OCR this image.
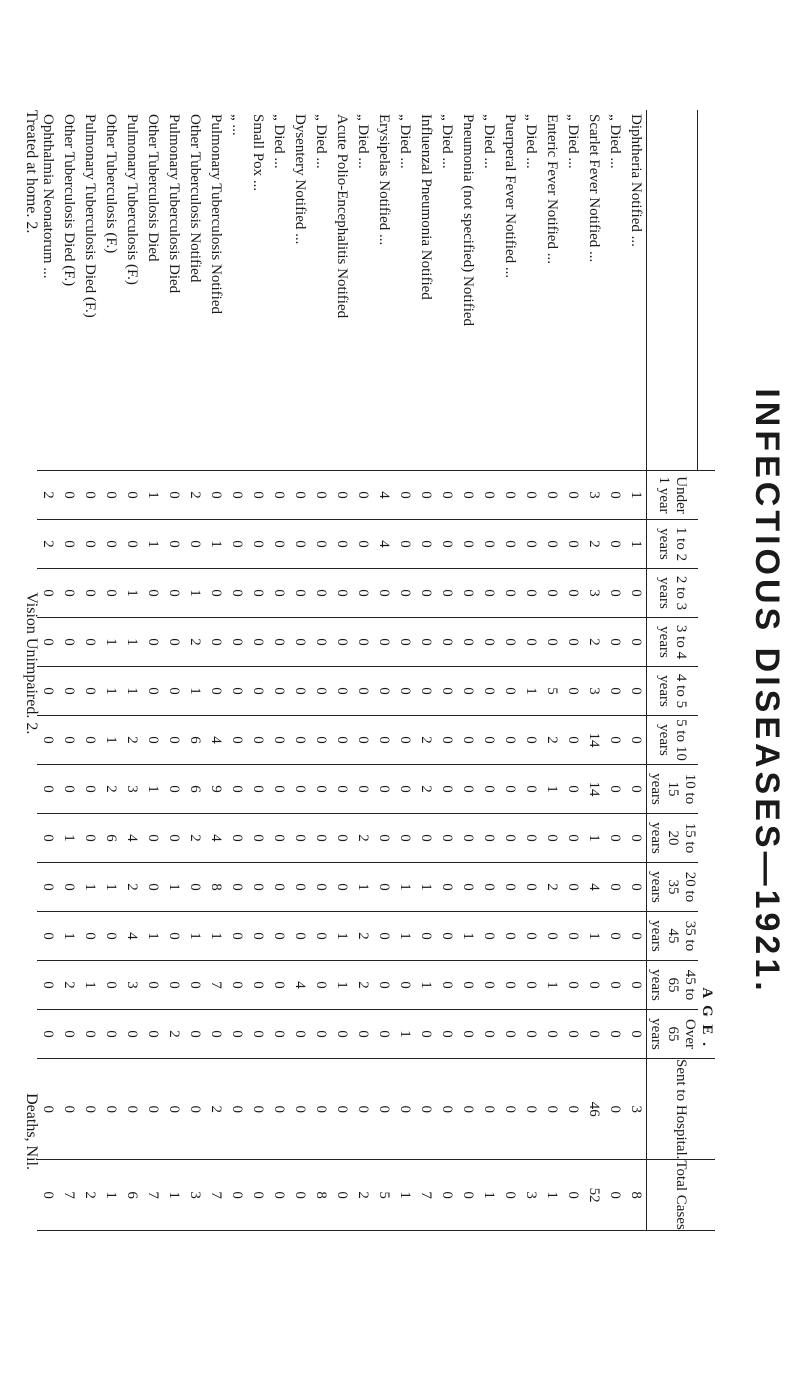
INFECTIOUS DISEASES—1921.
	A G E .												Sent to Hospital.	Total Cases
	Under 1 year	1 to 2 years	2 to 3 years	3 to 4 years	4 to 5 years	5 to 10 years	10 to 15 years	15 to 20 years	20 to 35 years	35 to 45 years	45 to 65 years	Over 65 years		
Diphtheria Notified ...	1	1	0	0	0	0	0	0	0	0	0	0	3	8
„ Died ...	0	0	0	0	0	0	0	0	0	0	0	0	0	0
Scarlet Fever Notified ...	3	2	3	2	3	14	14	1	4	1	0	0	46	52
„ Died ...	0	0	0	0	0	0	0	0	0	0	0	0	0	0
Enteric Fever Notified ...	0	0	0	0	5	2	1	0	2	0	1	0	0	1
„ Died ...	0	0	0	0	1	0	0	0	0	0	0	0	0	3
Puerperal Fever Notified ...	0	0	0	0	0	0	0	0	0	0	0	0	0	0
„ Died ...	0	0	0	0	0	0	0	0	0	0	0	0	0	1
Pneumonia (not specified) Notified	0	0	0	0	0	0	0	0	0	1	0	0	0	0
„ Died ...	0	0	0	0	0	0	0	0	0	0	0	0	0	0
Influenzal Pneumonia Notified	0	0	0	0	0	2	2	0	1	0	1	0	0	7
„ Died ...	0	0	0	0	0	0	0	0	1	1	0	1	0	1
Erysipelas Notified ...	4	4	0	0	0	0	0	0	0	0	0	0	0	5
„ Died ...	0	0	0	0	0	0	0	2	1	2	2	0	0	2
Acute Polio-Encephalitis Notified	0	0	0	0	0	0	0	0	0	1	1	0	0	0
„ Died ...	0	0	0	0	0	0	0	0	0	0	0	0	0	8
Dysentery Notified ...	0	0	0	0	0	0	0	0	0	0	4	0	0	0
„ Died ...	0	0	0	0	0	0	0	0	0	0	0	0	0	0
Small Pox ...	0	0	0	0	0	0	0	0	0	0	0	0	0	0
„ ...	0	0	0	0	0	0	0	0	0	0	0	0	0	0
Pulmonary Tuberculosis Notified	0	1	0	0	0	4	9	4	8	1	7	0	2	7
Other Tuberculosis Notified	2	0	1	2	1	6	6	2	0	1	0	0	0	3
Pulmonary Tuberculosis Died	0	0	0	0	0	0	0	0	1	0	0	2	0	1
Other Tuberculosis Died	1	1	0	0	0	0	1	0	0	1	0	0	0	7
Pulmonary Tuberculosis (F.)	0	0	1	1	1	2	3	4	2	4	3	0	0	6
Other Tuberculosis (F.)	0	0	0	1	1	1	2	6	1	0	0	0	0	1
Pulmonary Tuberculosis Died (F.)	0	0	0	0	0	0	0	0	1	0	1	0	0	2
Other Tuberculosis Died (F.)	0	0	0	0	0	0	0	1	0	1	2	0	0	7
Ophthalmia Neonatorum ...	2	2	0	0	0	0	0	0	0	0	0	0	0	0
Treated at home. 2.
Vision Unimpaired. 2.
Deaths, Nil.
